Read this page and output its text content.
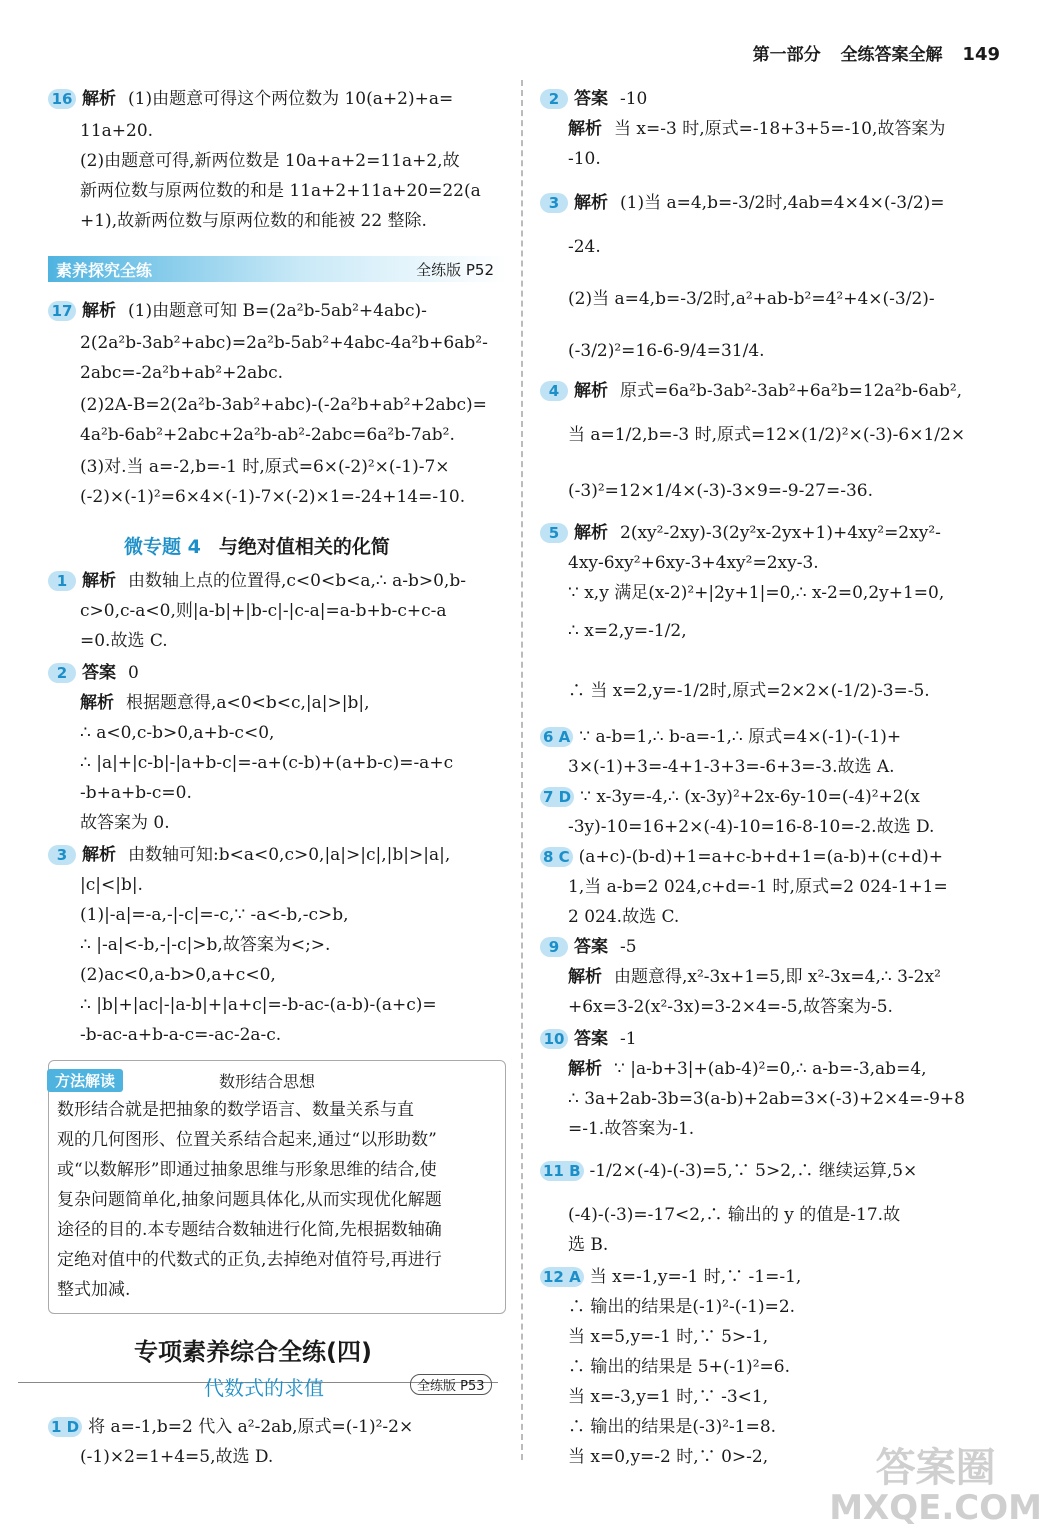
第一部分 全练答案全解 149
16 解析 (1)由题意可得这个两位数为 10(a+2)+a=
11a+20.
(2)由题意可得,新两位数是 10a+a+2=11a+2,故
新两位数与原两位数的和是 11a+2+11a+20=22(a
+1),故新两位数与原两位数的和能被 22 整除.
素养探究全练	全练版 P52
17 解析 (1)由题意可知 B=(2a²b-5ab²+4abc)-
2(2a²b-3ab²+abc)=2a²b-5ab²+4abc-4a²b+6ab²-
2abc=-2a²b+ab²+2abc.
(2)2A-B=2(2a²b-3ab²+abc)-(-2a²b+ab²+2abc)=
4a²b-6ab²+2abc+2a²b-ab²-2abc=6a²b-7ab².
(3)对.当 a=-2,b=-1 时,原式=6×(-2)²×(-1)-7×
(-2)×(-1)²=6×4×(-1)-7×(-2)×1=-24+14=-10.
微专题 4 与绝对值相关的化简
1 解析 由数轴上点的位置得,c<0<b<a,∴ a-b>0,b-
c>0,c-a<0,则|a-b|+|b-c|-|c-a|=a-b+b-c+c-a
=0.故选 C.
2 答案 0
解析 根据题意得,a<0<b<c,|a|>|b|,
∴ a<0,c-b>0,a+b-c<0,
∴ |a|+|c-b|-|a+b-c|=-a+(c-b)+(a+b-c)=-a+c
-b+a+b-c=0.
故答案为 0.
3 解析 由数轴可知:b<a<0,c>0,|a|>|c|,|b|>|a|,
|c|<|b|.
(1)|-a|=-a,-|-c|=-c,∵ -a<-b,-c>b,
∴ |-a|<-b,-|-c|>b,故答案为<;>.
(2)ac<0,a-b>0,a+c<0,
∴ |b|+|ac|-|a-b|+|a+c|=-b-ac-(a-b)-(a+c)=
-b-ac-a+b-a-c=-ac-2a-c.
方法解读	数形结合思想
数形结合就是把抽象的数学语言、数量关系与直
观的几何图形、位置关系结合起来,通过“以形助数”
或“以数解形”即通过抽象思维与形象思维的结合,使
复杂问题简单化,抽象问题具体化,从而实现优化解题
途径的目的.本专题结合数轴进行化简,先根据数轴确
定绝对值中的代数式的正负,去掉绝对值符号,再进行
整式加减.
专项素养综合全练(四)
代数式的求值	全练版 P53
1 D 将 a=-1,b=2 代入 a²-2ab,原式=(-1)²-2×
(-1)×2=1+4=5,故选 D.
2 答案 -10
解析 当 x=-3 时,原式=-18+3+5=-10,故答案为
-10.
3 解析 (1)当 a=4,b=-3/2时,4ab=4×4×(-3/2)=
-24.
(2)当 a=4,b=-3/2时,a²+ab-b²=4²+4×(-3/2)-
(-3/2)²=16-6-9/4=31/4.
4 解析 原式=6a²b-3ab²-3ab²+6a²b=12a²b-6ab²,
当 a=1/2,b=-3 时,原式=12×(1/2)²×(-3)-6×1/2×
(-3)²=12×1/4×(-3)-3×9=-9-27=-36.
5 解析 2(xy²-2xy)-3(2y²x-2yx+1)+4xy²=2xy²-
4xy-6xy²+6xy-3+4xy²=2xy-3.
∵ x,y 满足(x-2)²+|2y+1|=0,∴ x-2=0,2y+1=0,
∴ x=2,y=-1/2,
∴ 当 x=2,y=-1/2时,原式=2×2×(-1/2)-3=-5.
6 A ∵ a-b=1,∴ b-a=-1,∴ 原式=4×(-1)-(-1)+
3×(-1)+3=-4+1-3+3=-6+3=-3.故选 A.
7 D ∵ x-3y=-4,∴ (x-3y)²+2x-6y-10=(-4)²+2(x
-3y)-10=16+2×(-4)-10=16-8-10=-2.故选 D.
8 C (a+c)-(b-d)+1=a+c-b+d+1=(a-b)+(c+d)+
1,当 a-b=2 024,c+d=-1 时,原式=2 024-1+1=
2 024.故选 C.
9 答案 -5
解析 由题意得,x²-3x+1=5,即 x²-3x=4,∴ 3-2x²
+6x=3-2(x²-3x)=3-2×4=-5,故答案为-5.
10 答案 -1
解析 ∵ |a-b+3|+(ab-4)²=0,∴ a-b=-3,ab=4,
∴ 3a+2ab-3b=3(a-b)+2ab=3×(-3)+2×4=-9+8
=-1.故答案为-1.
11 B -1/2×(-4)-(-3)=5,∵ 5>2,∴ 继续运算,5×
(-4)-(-3)=-17<2,∴ 输出的 y 的值是-17.故
选 B.
12 A 当 x=-1,y=-1 时,∵ -1=-1,
∴ 输出的结果是(-1)²-(-1)=2.
当 x=5,y=-1 时,∵ 5>-1,
∴ 输出的结果是 5+(-1)²=6.
当 x=-3,y=1 时,∵ -3<1,
∴ 输出的结果是(-3)²-1=8.
当 x=0,y=-2 时,∵ 0>-2,	答案圈
MXQE.COM
